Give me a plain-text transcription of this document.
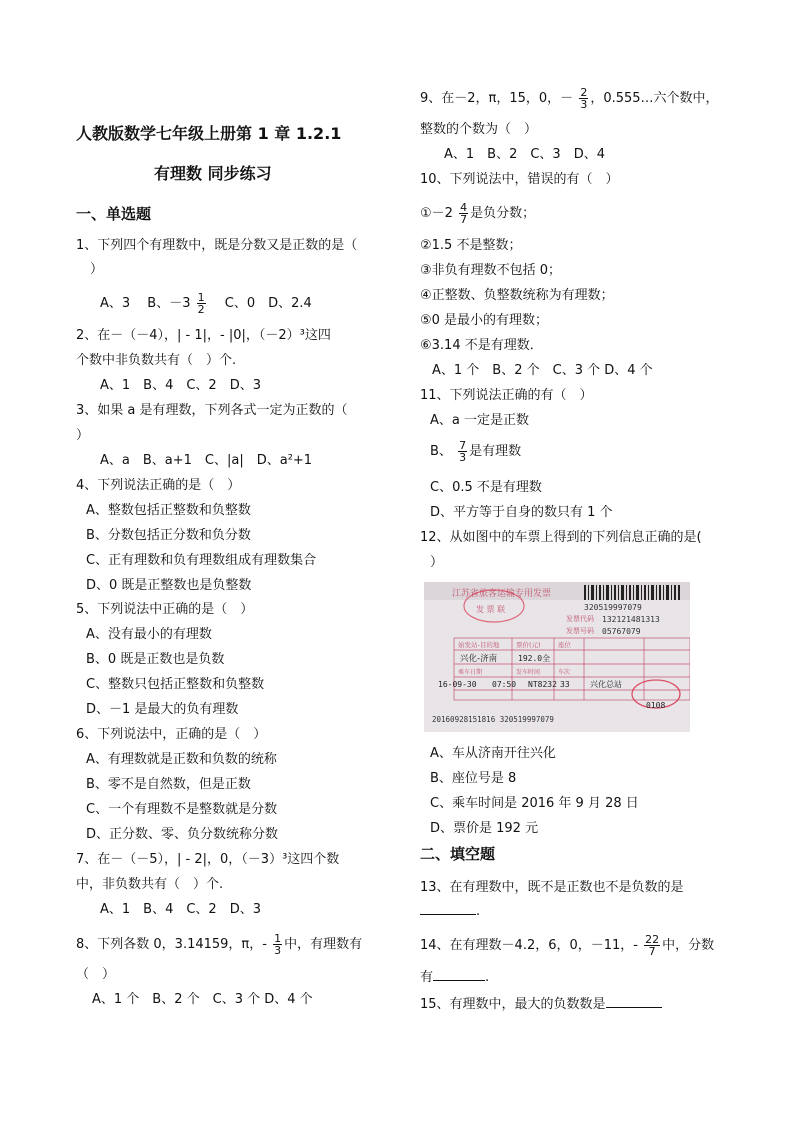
人教版数学七年级上册第 1 章 1.2.1
有理数 同步练习
一、单选题
1、下列四个有理数中，既是分数又是正数的是（
）
A、3　 B、$-3 \frac{1}{2}$ 　C、0　D、2.4
2、在－（－4），| - 1|，- |0|，（－2）³这四
个数中非负数共有（　）个.
A、1　B、4　C、2　D、3
3、如果 a 是有理数，下列各式一定为正数的（
）
A、a　B、a+1　C、|a|　D、a²+1
4、下列说法正确的是（　）
A、整数包括正整数和负整数
B、分数包括正分数和负分数
C、正有理数和负有理数组成有理数集合
D、0 既是正整数也是负整数
5、下列说法中正确的是（　）
A、没有最小的有理数
B、0 既是正数也是负数
C、整数只包括正整数和负整数
D、－1 是最大的负有理数
6、下列说法中，正确的是（　）
A、有理数就是正数和负数的统称
B、零不是自然数，但是正数
C、一个有理数不是整数就是分数
D、正分数、零、负分数统称分数
7、在－（－5），| - 2|，0，（－3）³这四个数
中，非负数共有（　）个.
A、1　B、4　C、2　D、3
8、下列各数 0，3.14159，π，- $\frac{1}{3}$ 中，有理数有
（　）
A、1 个　B、2 个　C、3 个 D、4 个
9、在－2，π，15，0，－ $\frac{2}{3}$ ，0.555…六个数中，
整数的个数为（　）
A、1　B、2　C、3　D、4
10、下列说法中，错误的有（　）
①－2 $\frac{4}{7}$ 是负分数；
②1.5 不是整数；
③非负有理数不包括 0；
④正整数、负整数统称为有理数；
⑤0 是最小的有理数；
⑥3.14 不是有理数．
A、1 个　B、2 个　C、3 个 D、4 个
11、下列说法正确的有（　）
A、a 一定是正数
B、 $\frac{7}{3}$ 是有理数
C、0.5 不是有理数
D、平方等于自身的数只有 1 个
12、从如图中的车票上得到的下列信息正确的是(
）
江苏省旅客运输专用发票
发 票 联	320519997079
发票代码 132121481313
发票号码 05767079
始发站-目的地	票价(元)	座位
兴化-济南	192.0全
乘车日期	发车时间	车次
16-09-30 07:50 NT8232 33	兴化总站
0108
20160928151816 320519997079
A、车从济南开往兴化
B、座位号是 8
C、乘车时间是 2016 年 9 月 28 日
D、票价是 192 元
二、填空题
13、在有理数中，既不是正数也不是负数的是
.
14、在有理数－4.2，6，0，－11，- $\frac{22}{7}$ 中，分数
有	.
15、有理数中，最大的负数数是
